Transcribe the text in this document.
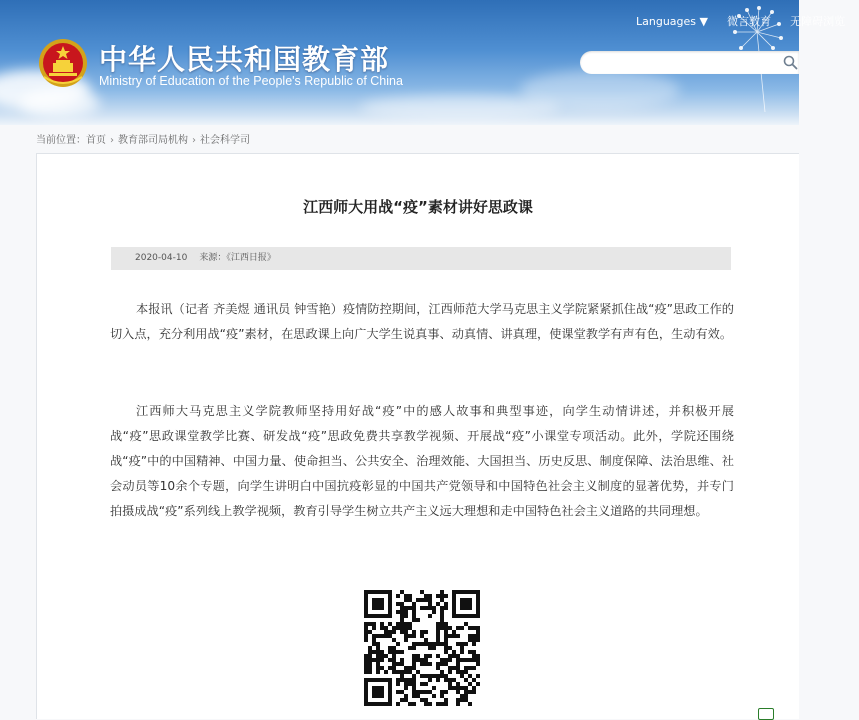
中华人民共和国教育部
Ministry of Education of the People's Republic of China
Languages ▼ 微言教育 无障碍浏览
当前位置：首页 › 教育部司局机构 › 社会科学司
江西师大用战“疫”素材讲好思政课
2020-04-10 来源：《江西日报》
本报讯（记者 齐美煜 通讯员 钟雪艳）疫情防控期间，江西师范大学马克思主义学院紧紧抓住战“疫”思政工作的切入点，充分利用战“疫”素材，在思政课上向广大学生说真事、动真情、讲真理，使课堂教学有声有色，生动有效。
江西师大马克思主义学院教师坚持用好战“疫”中的感人故事和典型事迹，向学生动情讲述，并积极开展战“疫”思政课堂教学比赛、研发战“疫”思政免费共享教学视频、开展战“疫”小课堂专项活动。此外，学院还围绕战“疫”中的中国精神、中国力量、使命担当、公共安全、治理效能、大国担当、历史反思、制度保障、法治思维、社会动员等10余个专题，向学生讲明白中国抗疫彰显的中国共产党领导和中国特色社会主义制度的显著优势，并专门拍摄成战“疫”系列线上教学视频，教育引导学生树立共产主义远大理想和走中国特色社会主义道路的共同理想。
